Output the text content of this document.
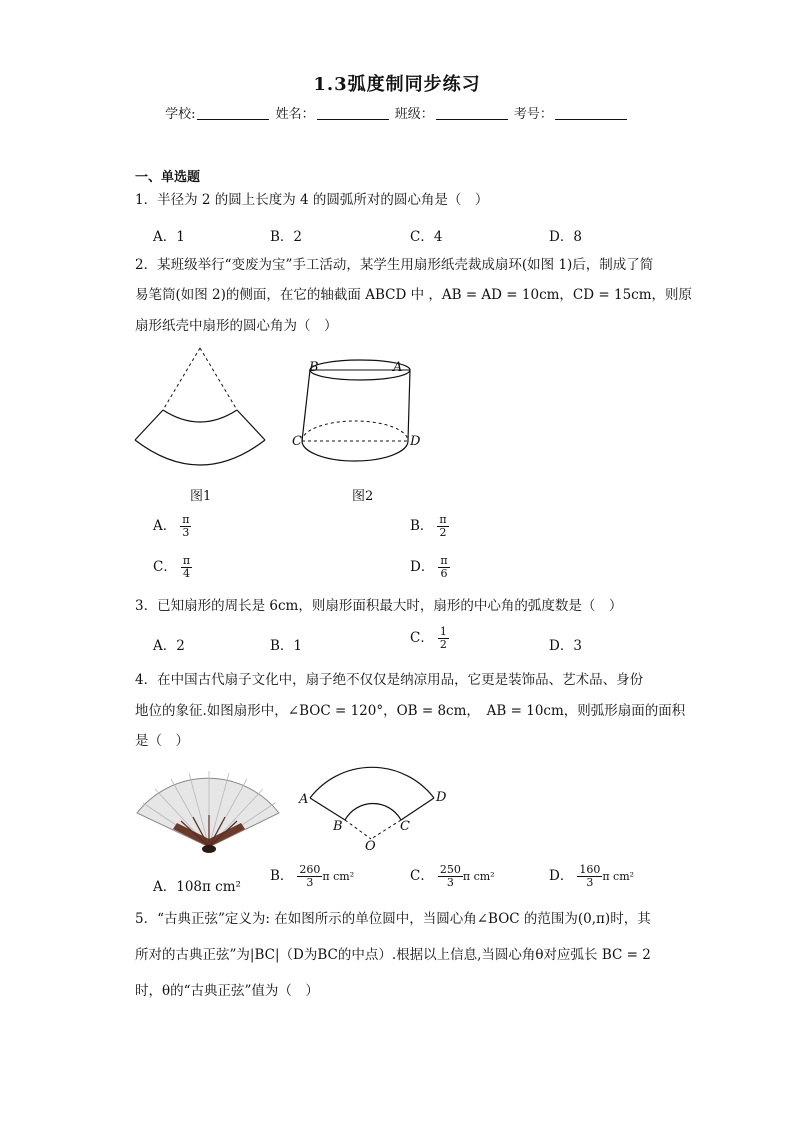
1.3弧度制同步练习
学校:	姓名：	班级：	考号：
一、单选题
1．半径为 2 的圆上长度为 4 的圆弧所对的圆心角是（　）
A．1	B．2	C．4	D．8
2．某班级举行“变废为宝”手工活动，某学生用扇形纸壳裁成扇环(如图 1)后，制成了简
易笔筒(如图 2)的侧面，在它的轴截面 ABCD 中 ，AB = AD = 10cm，CD = 15cm，则原
扇形纸壳中扇形的圆心角为（　）
图1
B	A
C	D
图2
A． $\frac{\pi}{3}$	B． $\frac{\pi}{2}$
C． $\frac{\pi}{4}$	D． $\frac{\pi}{6}$
3．已知扇形的周长是 6cm，则扇形面积最大时，扇形的中心角的弧度数是（　）
A．2	B．1	C． $\frac{1}{2}$	D．3
4．在中国古代扇子文化中，扇子绝不仅仅是纳凉用品，它更是装饰品、艺术品、身份
地位的象征.如图扇形中，∠BOC = 120°，OB = 8cm，　AB = 10cm，则弧形扇面的面积
是（　）
A	D
B	C
O
A．108π cm²
B． $\frac{260}{3}$ π cm²	C． $\frac{250}{3}$ π cm²	D． $\frac{160}{3}$ π cm²
5．“古典正弦”定义为: 在如图所示的单位圆中，当圆心角∠BOC 的范围为(0,π)时，其
所对的古典正弦”为|BC|（D为BC的中点）.根据以上信息,当圆心角θ对应弧长 BC = 2
时，θ的“古典正弦”值为（　）
